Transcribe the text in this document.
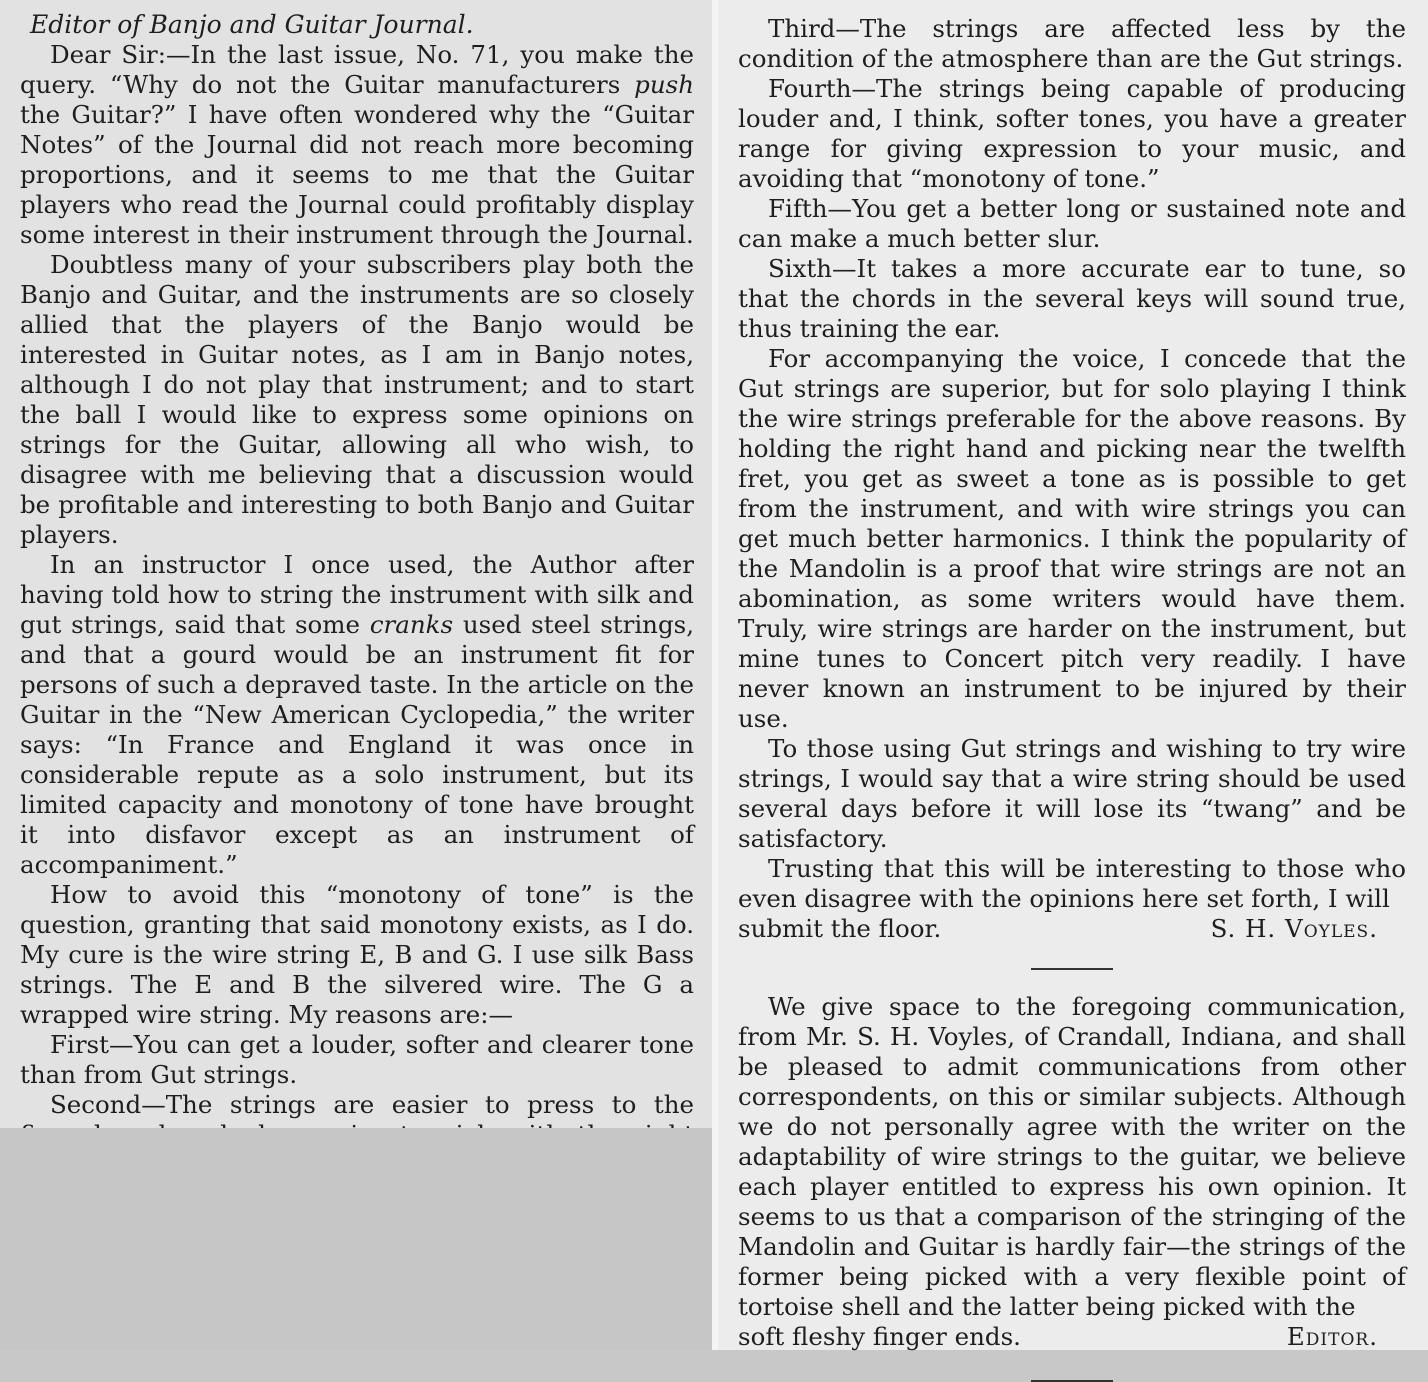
Editor of Banjo and Guitar Journal.

Dear Sir:—In the last issue, No. 71, you make the query. “Why do not the Guitar manufacturers push the Guitar?” I have often wondered why the “Guitar Notes” of the Journal did not reach more becoming proportions, and it seems to me that the Guitar players who read the Journal could profitably display some interest in their instrument through the Journal.

Doubtless many of your subscribers play both the Banjo and Guitar, and the instruments are so closely allied that the players of the Banjo would be interested in Guitar notes, as I am in Banjo notes, although I do not play that instrument; and to start the ball I would like to express some opinions on strings for the Guitar, allowing all who wish, to disagree with me believing that a discussion would be profitable and interesting to both Banjo and Guitar players.

In an instructor I once used, the Author after having told how to string the instrument with silk and gut strings, said that some cranks used steel strings, and that a gourd would be an instrument fit for persons of such a depraved taste. In the article on the Guitar in the “New American Cyclopedia,” the writer says: “In France and England it was once in considerable repute as a solo instrument, but its limited capacity and monotony of tone have brought it into disfavor except as an instrument of accompaniment.”

How to avoid this “monotony of tone” is the question, granting that said monotony exists, as I do. My cure is the wire string E, B and G. I use silk Bass strings. The E and B the silvered wire. The G a wrapped wire string. My reasons are:—

First—You can get a louder, softer and clearer tone than from Gut strings.

Second—The strings are easier to press to the

Third—The strings are affected less by the condition of the atmosphere than are the Gut strings.

Fourth—The strings being capable of producing louder and, I think, softer tones, you have a greater range for giving expression to your music, and avoiding that “monotony of tone.”

Fifth—You get a better long or sustained note and can make a much better slur.

Sixth—It takes a more accurate ear to tune, so that the chords in the several keys will sound true, thus training the ear.

For accompanying the voice, I concede that the Gut strings are superior, but for solo playing I think the wire strings preferable for the above reasons. By holding the right hand and picking near the twelfth fret, you get as sweet a tone as is possible to get from the instrument, and with wire strings you can get much better harmonics. I think the popularity of the Mandolin is a proof that wire strings are not an abomination, as some writers would have them. Truly, wire strings are harder on the instrument, but mine tunes to Concert pitch very readily. I have never known an instrument to be injured by their use.

To those using Gut strings and wishing to try wire strings, I would say that a wire string should be used several days before it will lose its “twang” and be satisfactory.

Trusting that this will be interesting to those who even disagree with the opinions here set forth, I will

submit the floor.	S. H. Voyles.

We give space to the foregoing communication, from Mr. S. H. Voyles, of Crandall, Indiana, and shall be pleased to admit communications from other correspondents, on this or similar subjects. Although we do not personally agree with the writer on the adaptability of wire strings to the guitar, we believe each player entitled to express his own opinion. It seems to us that a comparison of the stringing of the Mandolin and Guitar is hardly fair—the strings of the former being picked with a very flexible point of tortoise shell and the latter being picked with the

soft fleshy finger ends.	Editor.
